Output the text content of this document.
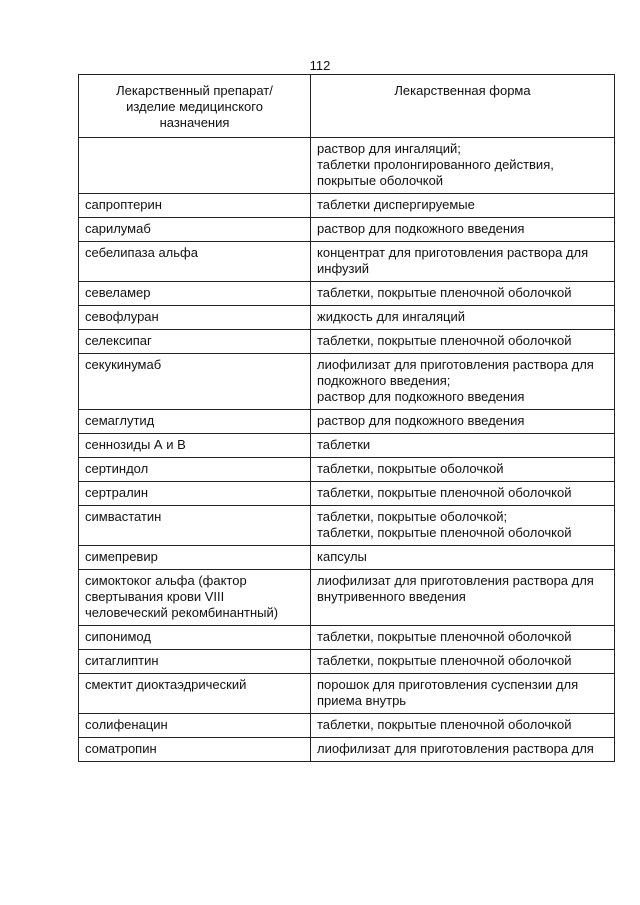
112
Лекарственный препарат/
изделие медицинского
назначения	Лекарственная форма
	раствор для ингаляций;
таблетки пролонгированного действия,
покрытые оболочкой
сапроптерин	таблетки диспергируемые
сарилумаб	раствор для подкожного введения
себелипаза альфа	концентрат для приготовления раствора для
инфузий
севеламер	таблетки, покрытые пленочной оболочкой
севофлуран	жидкость для ингаляций
селексипаг	таблетки, покрытые пленочной оболочкой
секукинумаб	лиофилизат для приготовления раствора для
подкожного введения;
раствор для подкожного введения
семаглутид	раствор для подкожного введения
сеннозиды А и В	таблетки
сертиндол	таблетки, покрытые оболочкой
сертралин	таблетки, покрытые пленочной оболочкой
симвастатин	таблетки, покрытые оболочкой;
таблетки, покрытые пленочной оболочкой
симепревир	капсулы
симоктоког альфа (фактор
свертывания крови VIII
человеческий рекомбинантный)	лиофилизат для приготовления раствора для
внутривенного введения
сипонимод	таблетки, покрытые пленочной оболочкой
ситаглиптин	таблетки, покрытые пленочной оболочкой
смектит диоктаэдрический	порошок для приготовления суспензии для
приема внутрь
солифенацин	таблетки, покрытые пленочной оболочкой
соматропин	лиофилизат для приготовления раствора для
